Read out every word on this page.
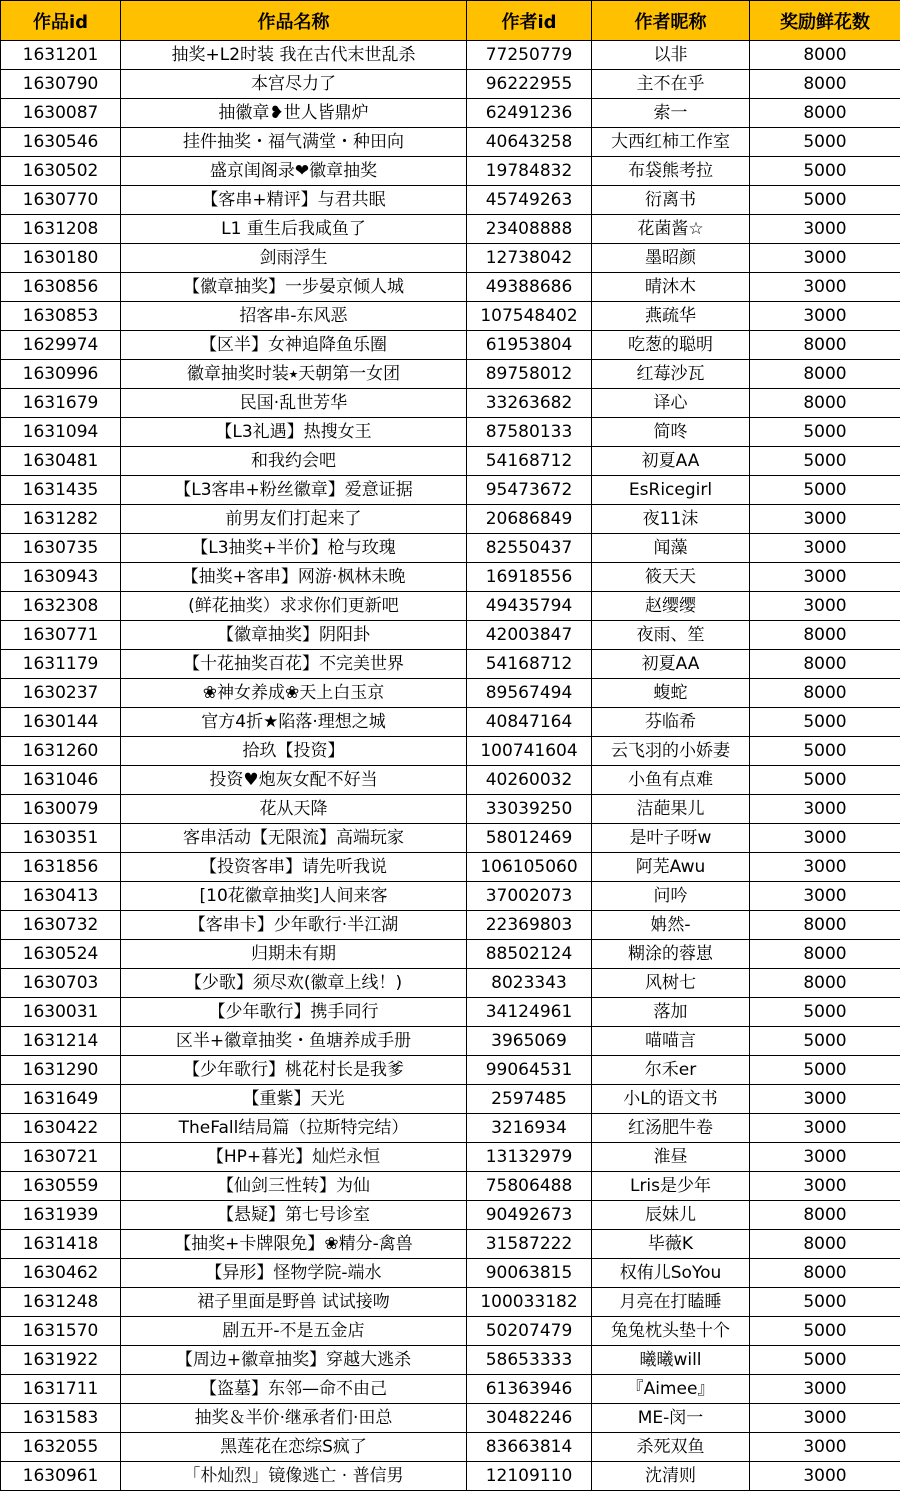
作品id	作品名称	作者id	作者昵称	奖励鲜花数
1631201	抽奖+L2时装 我在古代末世乱杀	77250779	以非	8000
1630790	本宫尽力了	96222955	主不在乎	8000
1630087	抽徽章❥世人皆鼎炉	62491236	索一	8000
1630546	挂件抽奖・福气满堂・种田向	40643258	大西红柿工作室	5000
1630502	盛京闺阁录❤徽章抽奖	19784832	布袋熊考拉	5000
1630770	【客串+精评】与君共眠	45749263	衍离书	5000
1631208	L1 重生后我咸鱼了	23408888	花菌酱☆	3000
1630180	剑雨浮生	12738042	墨昭颜	3000
1630856	【徽章抽奖】一步晏京倾人城	49388686	晴沐木	3000
1630853	招客串-东风恶	107548402	燕疏华	3000
1629974	【区半】女神追降鱼乐圈	61953804	吃葱的聪明	8000
1630996	徽章抽奖时装⭑天朝第一女团	89758012	红莓沙瓦	8000
1631679	民国·乱世芳华	33263682	译心	8000
1631094	【L3礼遇】热搜女王	87580133	简咚	5000
1630481	和我约会吧	54168712	初夏AA	5000
1631435	【L3客串+粉丝徽章】爱意证据	95473672	EsRicegirl	5000
1631282	前男友们打起来了	20686849	夜11沫	3000
1630735	【L3抽奖+半价】枪与玫瑰	82550437	闻藻	3000
1630943	【抽奖+客串】网游·枫林未晚	16918556	筱天天	3000
1632308	(鲜花抽奖）求求你们更新吧	49435794	赵缨缨	3000
1630771	【徽章抽奖】阴阳卦	42003847	夜雨、笙	8000
1631179	【十花抽奖百花】不完美世界	54168712	初夏AA	8000
1630237	❀神女养成❀天上白玉京	89567494	蝮蛇	8000
1630144	官方4折★陷落·理想之城	40847164	芬临希	5000
1631260	拾玖【投资】	100741604	云飞羽的小娇妻	5000
1631046	投资♥炮灰女配不好当	40260032	小鱼有点难	5000
1630079	花从天降	33039250	洁葩果儿	3000
1630351	客串活动【无限流】高端玩家	58012469	是叶子呀w	3000
1631856	【投资客串】请先听我说	106105060	阿芜Awu	3000
1630413	[10花徽章抽奖]人间来客	37002073	问吟	3000
1630732	【客串卡】少年歌行·半江湖	22369803	姌然-	8000
1630524	归期未有期	88502124	糊涂的蓉崽	8000
1630703	【少歌】须尽欢(徽章上线！)	8023343	风树七	8000
1630031	【少年歌行】携手同行	34124961	落加	5000
1631214	区半+徽章抽奖・鱼塘养成手册	3965069	喵喵言	5000
1631290	【少年歌行】桃花村长是我爹	99064531	尔禾er	5000
1631649	【重紫】天光	2597485	小L的语文书	3000
1630422	TheFall结局篇（拉斯特完结）	3216934	红汤肥牛卷	3000
1630721	【HP+暮光】灿烂永恒	13132979	淮昼	3000
1630559	【仙剑三性转】为仙	75806488	Lris是少年	3000
1631939	【悬疑】第七号诊室	90492673	辰妹儿	8000
1631418	【抽奖+卡牌限免】❀精分-禽兽	31587222	毕薇K	8000
1630462	【异形】怪物学院-端水	90063815	权侑儿SoYou	8000
1631248	裙子里面是野兽 试试接吻	100033182	月亮在打瞌睡	5000
1631570	剧五开-不是五金店	50207479	兔兔枕头垫十个	5000
1631922	【周边+徽章抽奖】穿越大逃杀	58653333	曦曦will	5000
1631711	【盗墓】东邻—命不由己	61363946	『Aimee』	3000
1631583	抽奖＆半价·继承者们·田总	30482246	ME-闵一	3000
1632055	黑莲花在恋综S疯了	83663814	杀死双鱼	3000
1630961	「朴灿烈」镜像逃亡 · 普信男	12109110	沈清则	3000
